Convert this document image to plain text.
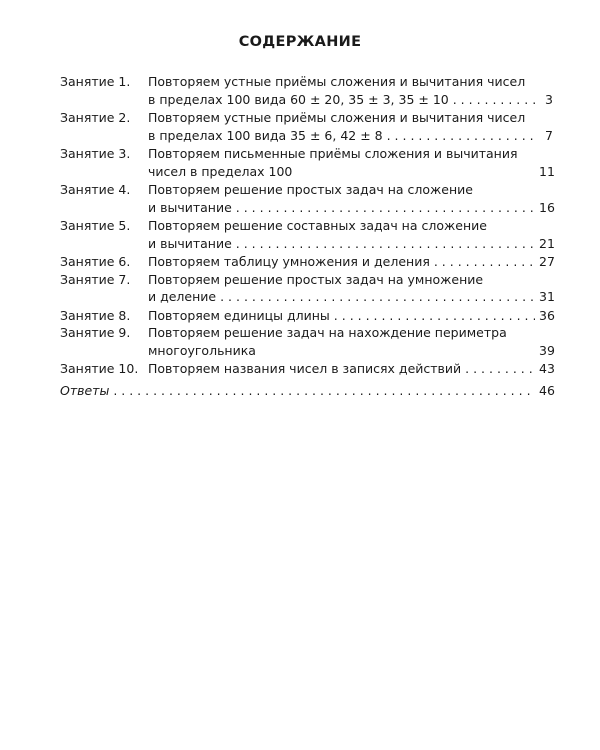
СОДЕРЖАНИЕ
Занятие 1. Повторяем устные приёмы сложения и вычитания чисел
в пределах 100 вида 60 ± 20, 35 ± 3, 35 ± 10 . . .	3
Занятие 2. Повторяем устные приёмы сложения и вычитания чисел
в пределах 100 вида 35 ± 6, 42 ± 8 . . .	7
Занятие 3. Повторяем письменные приёмы сложения и вычитания
чисел в пределах 100	11
Занятие 4. Повторяем решение простых задач на сложение
и вычитание . . .	16
Занятие 5. Повторяем решение составных задач на сложение
и вычитание . . .	21
Занятие 6. Повторяем таблицу умножения и деления . . .	27
Занятие 7. Повторяем решение простых задач на умножение
и деление . . .	31
Занятие 8. Повторяем единицы длины . . .	36
Занятие 9. Повторяем решение задач на нахождение периметра
многоугольника	39
Занятие 10. Повторяем названия чисел в записях действий . . .	43
Ответы . . .	46
